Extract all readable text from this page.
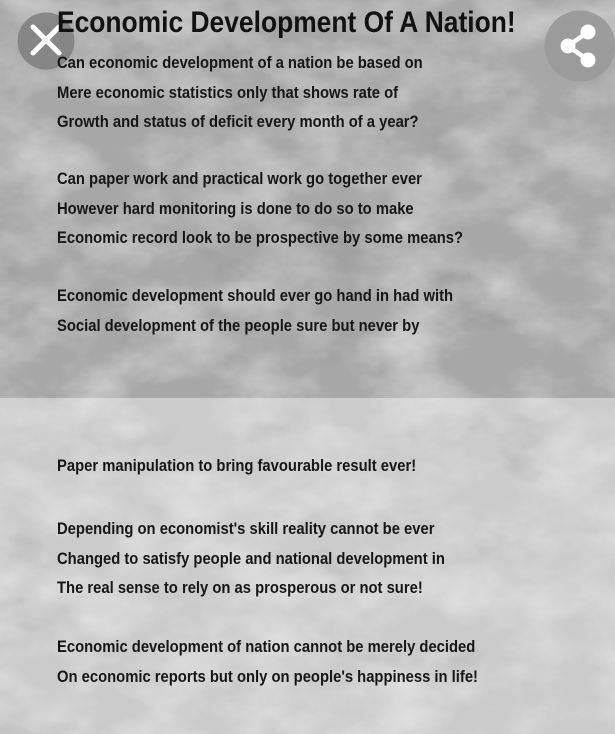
Economic Development Of A Nation!
Can economic development of a nation be based on
Mere economic statistics only that shows rate of
Growth and status of deficit every month of a year?
Can paper work and practical work go together ever
However hard monitoring is done to do so to make
Economic record look to be prospective by some means?
Economic development should ever go hand in had with
Social development of the people sure but never by
Paper manipulation to bring favourable result ever!
Depending on economist's skill reality cannot be ever
Changed to satisfy people and national development in
The real sense to rely on as prosperous or not sure!
Economic development of nation cannot be merely decided
On economic reports but only on people's happiness in life!
